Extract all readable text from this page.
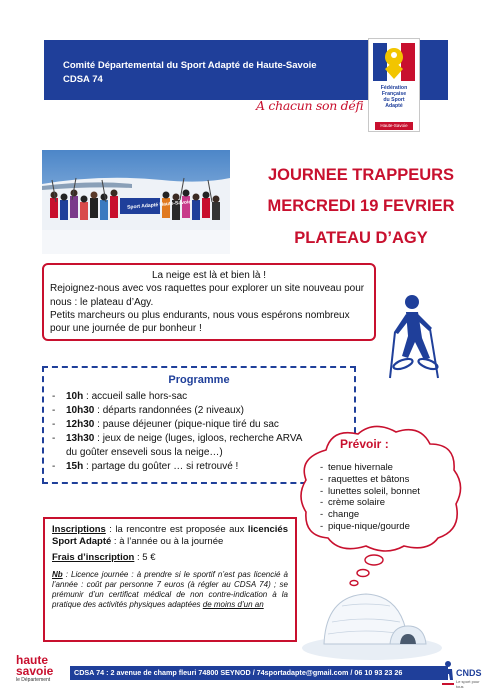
Comité Départemental du Sport Adapté de Haute-Savoie
CDSA 74
Fédération
Française
du Sport
Adapté
Haute-Savoie
A chacun son défi
Sport Adapté Haute-Savoie
JOURNEE TRAPPEURS
MERCREDI 19 FEVRIER
PLATEAU D’AGY
La neige est là et bien là !
Rejoignez-nous avec vos raquettes pour explorer un site nouveau pour nous : le plateau d’Agy.
Petits marcheurs ou plus endurants, nous vous espérons nombreux pour une journée de pur bonheur !
Programme
- 10h : accueil salle hors-sac
- 10h30 : départs randonnées (2 niveaux)
- 12h30 : pause déjeuner (pique-nique tiré du sac
- 13h30 : jeux de neige (luges, igloos, recherche ARVA
du goûter enseveli sous la neige…)
- 15h : partage du goûter … si retrouvé !
Prévoir :
- tenue hivernale
- raquettes et bâtons
- lunettes soleil, bonnet
- crème solaire
- change
- pique-nique/gourde

Inscriptions : la rencontre est proposée aux licenciés Sport Adapté : à l’année ou à la journée

Frais d’inscription : 5 €

Nb : Licence journée : à prendre si le sportif n’est pas licencié à l’année : coût par personne 7 euros (à régler au CDSA 74) ; se prémunir d’un certificat médical de non contre-indication à la pratique des activités physiques adaptées de moins d’un an

CDSA 74 : 2 avenue de champ fleuri 74800 SEYNOD / 74sportadapte@gmail.com / 06 10 93 23 26
haute
savoie
le Département
CNDS
Le sport pour tous
